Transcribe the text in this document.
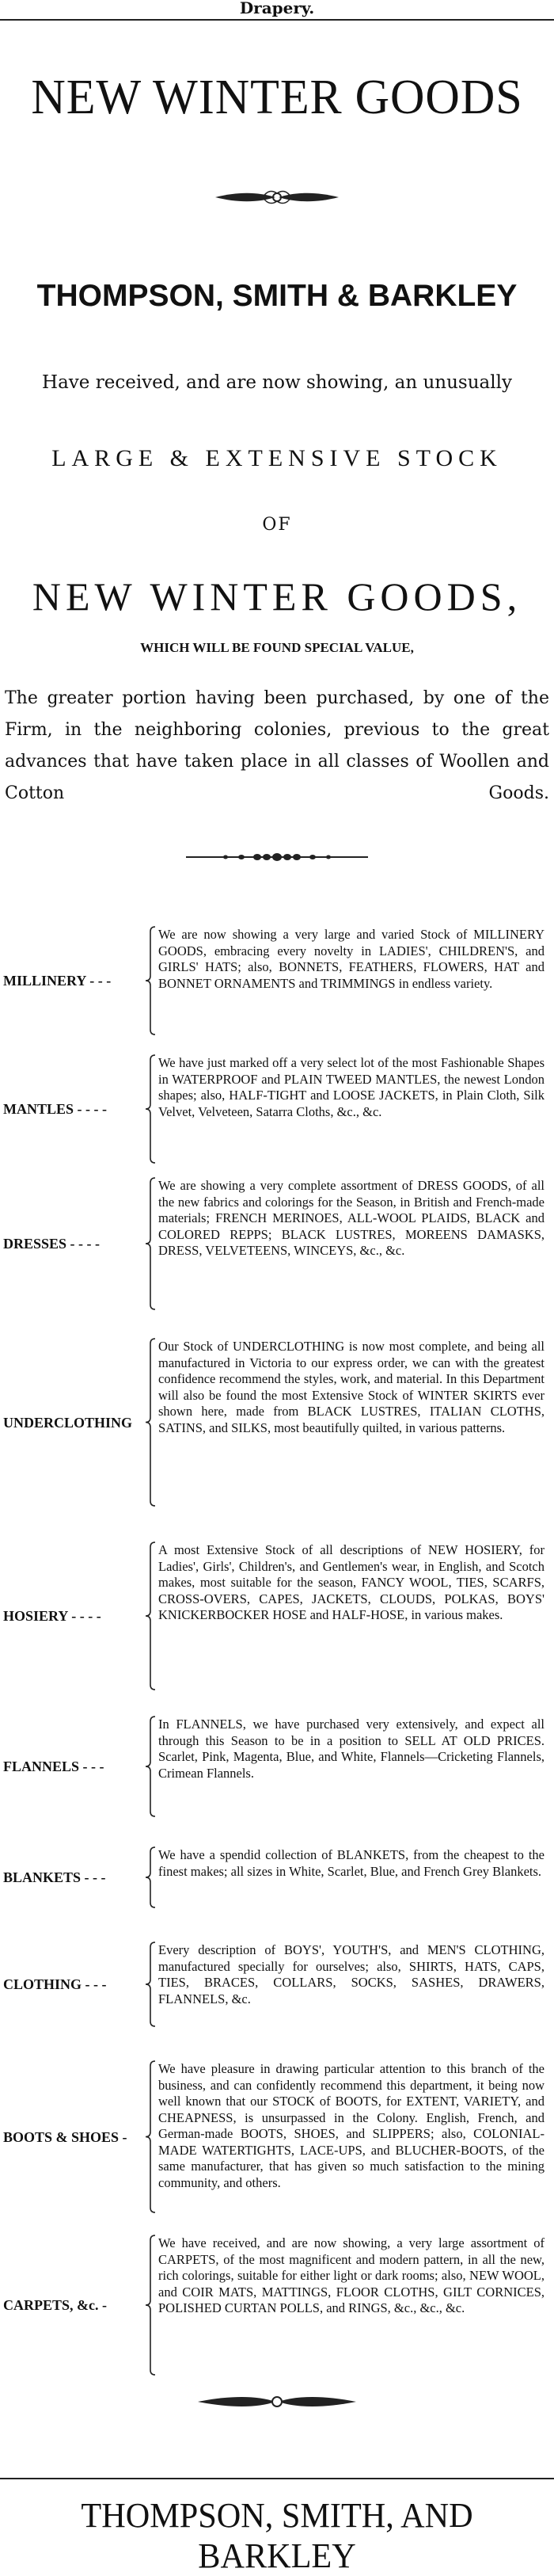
Drapery.
NEW WINTER GOODS
THOMPSON, SMITH & BARKLEY
Have received, and are now showing, an unusually
LARGE & EXTENSIVE STOCK
OF
NEW WINTER GOODS,
WHICH WILL BE FOUND SPECIAL VALUE,
The greater portion having been purchased, by one of the Firm, in the neighboring colonies, previous to the great advances that have taken place in all classes of Woollen and Cotton Goods.
MILLINERY - - -
We are now showing a very large and varied Stock of MILLINERY GOODS, embracing every novelty in LADIES', CHILDREN'S, and GIRLS' HATS; also, BONNETS, FEATHERS, FLOWERS, HAT and BONNET ORNAMENTS and TRIMMINGS in endless variety.
MANTLES - - - -
We have just marked off a very select lot of the most Fashionable Shapes in WATERPROOF and PLAIN TWEED MANTLES, the newest London shapes; also, HALF-TIGHT and LOOSE JACKETS, in Plain Cloth, Silk Velvet, Velveteen, Satarra Cloths, &c., &c.
DRESSES - - - -
We are showing a very complete assortment of DRESS GOODS, of all the new fabrics and colorings for the Season, in British and French-made materials; FRENCH MERINOES, ALL-WOOL PLAIDS, BLACK and COLORED REPPS; BLACK LUSTRES, MOREENS DAMASKS, DRESS, VELVETEENS, WINCEYS, &c., &c.
UNDERCLOTHING
Our Stock of UNDERCLOTHING is now most complete, and being all manufactured in Victoria to our express order, we can with the greatest confidence recommend the styles, work, and material. In this Department will also be found the most Extensive Stock of WINTER SKIRTS ever shown here, made from BLACK LUSTRES, ITALIAN CLOTHS, SATINS, and SILKS, most beautifully quilted, in various patterns.
HOSIERY - - - -
A most Extensive Stock of all descriptions of NEW HOSIERY, for Ladies', Girls', Children's, and Gentlemen's wear, in English, and Scotch makes, most suitable for the season, FANCY WOOL, TIES, SCARFS, CROSS-OVERS, CAPES, JACKETS, CLOUDS, POLKAS, BOYS' KNICKERBOCKER HOSE and HALF-HOSE, in various makes.
FLANNELS - - -
In FLANNELS, we have purchased very extensively, and expect all through this Season to be in a position to SELL AT OLD PRICES. Scarlet, Pink, Magenta, Blue, and White, Flannels—Cricketing Flannels, Crimean Flannels.
BLANKETS - - -
We have a spendid collection of BLANKETS, from the cheapest to the finest makes; all sizes in White, Scarlet, Blue, and French Grey Blankets.
CLOTHING - - -
Every description of BOYS', YOUTH'S, and MEN'S CLOTHING, manufactured specially for ourselves; also, SHIRTS, HATS, CAPS, TIES, BRACES, COLLARS, SOCKS, SASHES, DRAWERS, FLANNELS, &c.
BOOTS & SHOES -
We have pleasure in drawing particular attention to this branch of the business, and can confidently recommend this department, it being now well known that our STOCK of BOOTS, for EXTENT, VARIETY, and CHEAPNESS, is unsurpassed in the Colony. English, French, and German-made BOOTS, SHOES, and SLIPPERS; also, COLONIAL-MADE WATERTIGHTS, LACE-UPS, and BLUCHER-BOOTS, of the same manufacturer, that has given so much satisfaction to the mining community, and others.
CARPETS, &c. -
We have received, and are now showing, a very large assortment of CARPETS, of the most magnificent and modern pattern, in all the new, rich colorings, suitable for either light or dark rooms; also, NEW WOOL, and COIR MATS, MATTINGS, FLOOR CLOTHS, GILT CORNICES, POLISHED CURTAN POLLS, and RINGS, &c., &c., &c.
THOMPSON, SMITH, AND BARKLEY
